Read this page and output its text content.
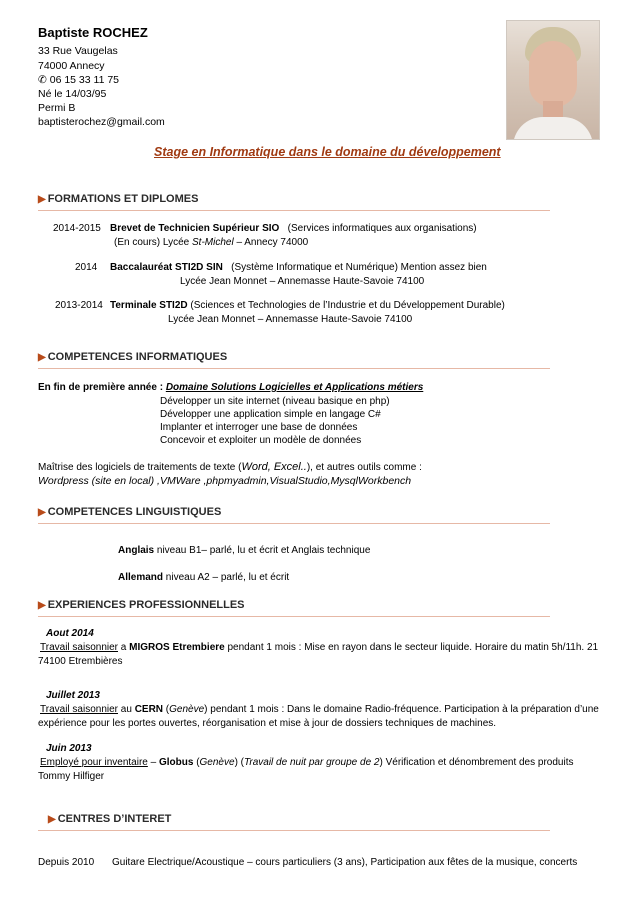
Baptiste ROCHEZ
33 Rue Vaugelas
74000 Annecy
✆ 06 15 33 11 75
Né le 14/03/95
Permi B
baptisterochez@gmail.com
Stage en Informatique dans le domaine du développement
▶ FORMATIONS ET DIPLOMES
2014-2015 Brevet de Technicien Supérieur SIO (Services informatiques aux organisations)
(En cours) Lycée St-Michel – Annecy 74000
2014 Baccalauréat STI2D SIN (Système Informatique et Numérique) Mention assez bien
Lycée Jean Monnet – Annemasse Haute-Savoie 74100
2013-2014 Terminale STI2D (Sciences et Technologies de l’Industrie et du Développement Durable)
Lycée Jean Monnet – Annemasse Haute-Savoie 74100
▶ COMPETENCES INFORMATIQUES
En fin de première année : Domaine Solutions Logicielles et Applications métiers
Développer un site internet (niveau basique en php)
Développer une application simple en langage C#
Implanter et interroger une base de données
Concevoir et exploiter un modèle de données
Maîtrise des logiciels de traitements de texte (Word, Excel..), et autres outils comme :
Wordpress (site en local) ,VMWare ,phpmyadmin,VisualStudio,MysqlWorkbench
▶ COMPETENCES LINGUISTIQUES
Anglais niveau B1– parlé, lu et écrit et Anglais technique
Allemand niveau A2 – parlé, lu et écrit
▶ EXPERIENCES PROFESSIONNELLES
Aout 2014
Travail saisonnier a MIGROS Etrembiere pendant 1 mois : Mise en rayon dans le secteur liquide. Horaire du matin 5h/11h. 21
74100 Etrembières
Juillet 2013
Travail saisonnier au CERN (Genève) pendant 1 mois : Dans le domaine Radio-fréquence. Participation à la préparation d’une
expérience pour les portes ouvertes, réorganisation et mise à jour de dossiers techniques de machines.
Juin 2013
Employé pour inventaire – Globus (Genève) (Travail de nuit par groupe de 2) Vérification et dénombrement des produits
Tommy Hilfiger
▶ CENTRES D’INTERET
Depuis 2010 Guitare Electrique/Acoustique – cours particuliers (3 ans), Participation aux fêtes de la musique, concerts
